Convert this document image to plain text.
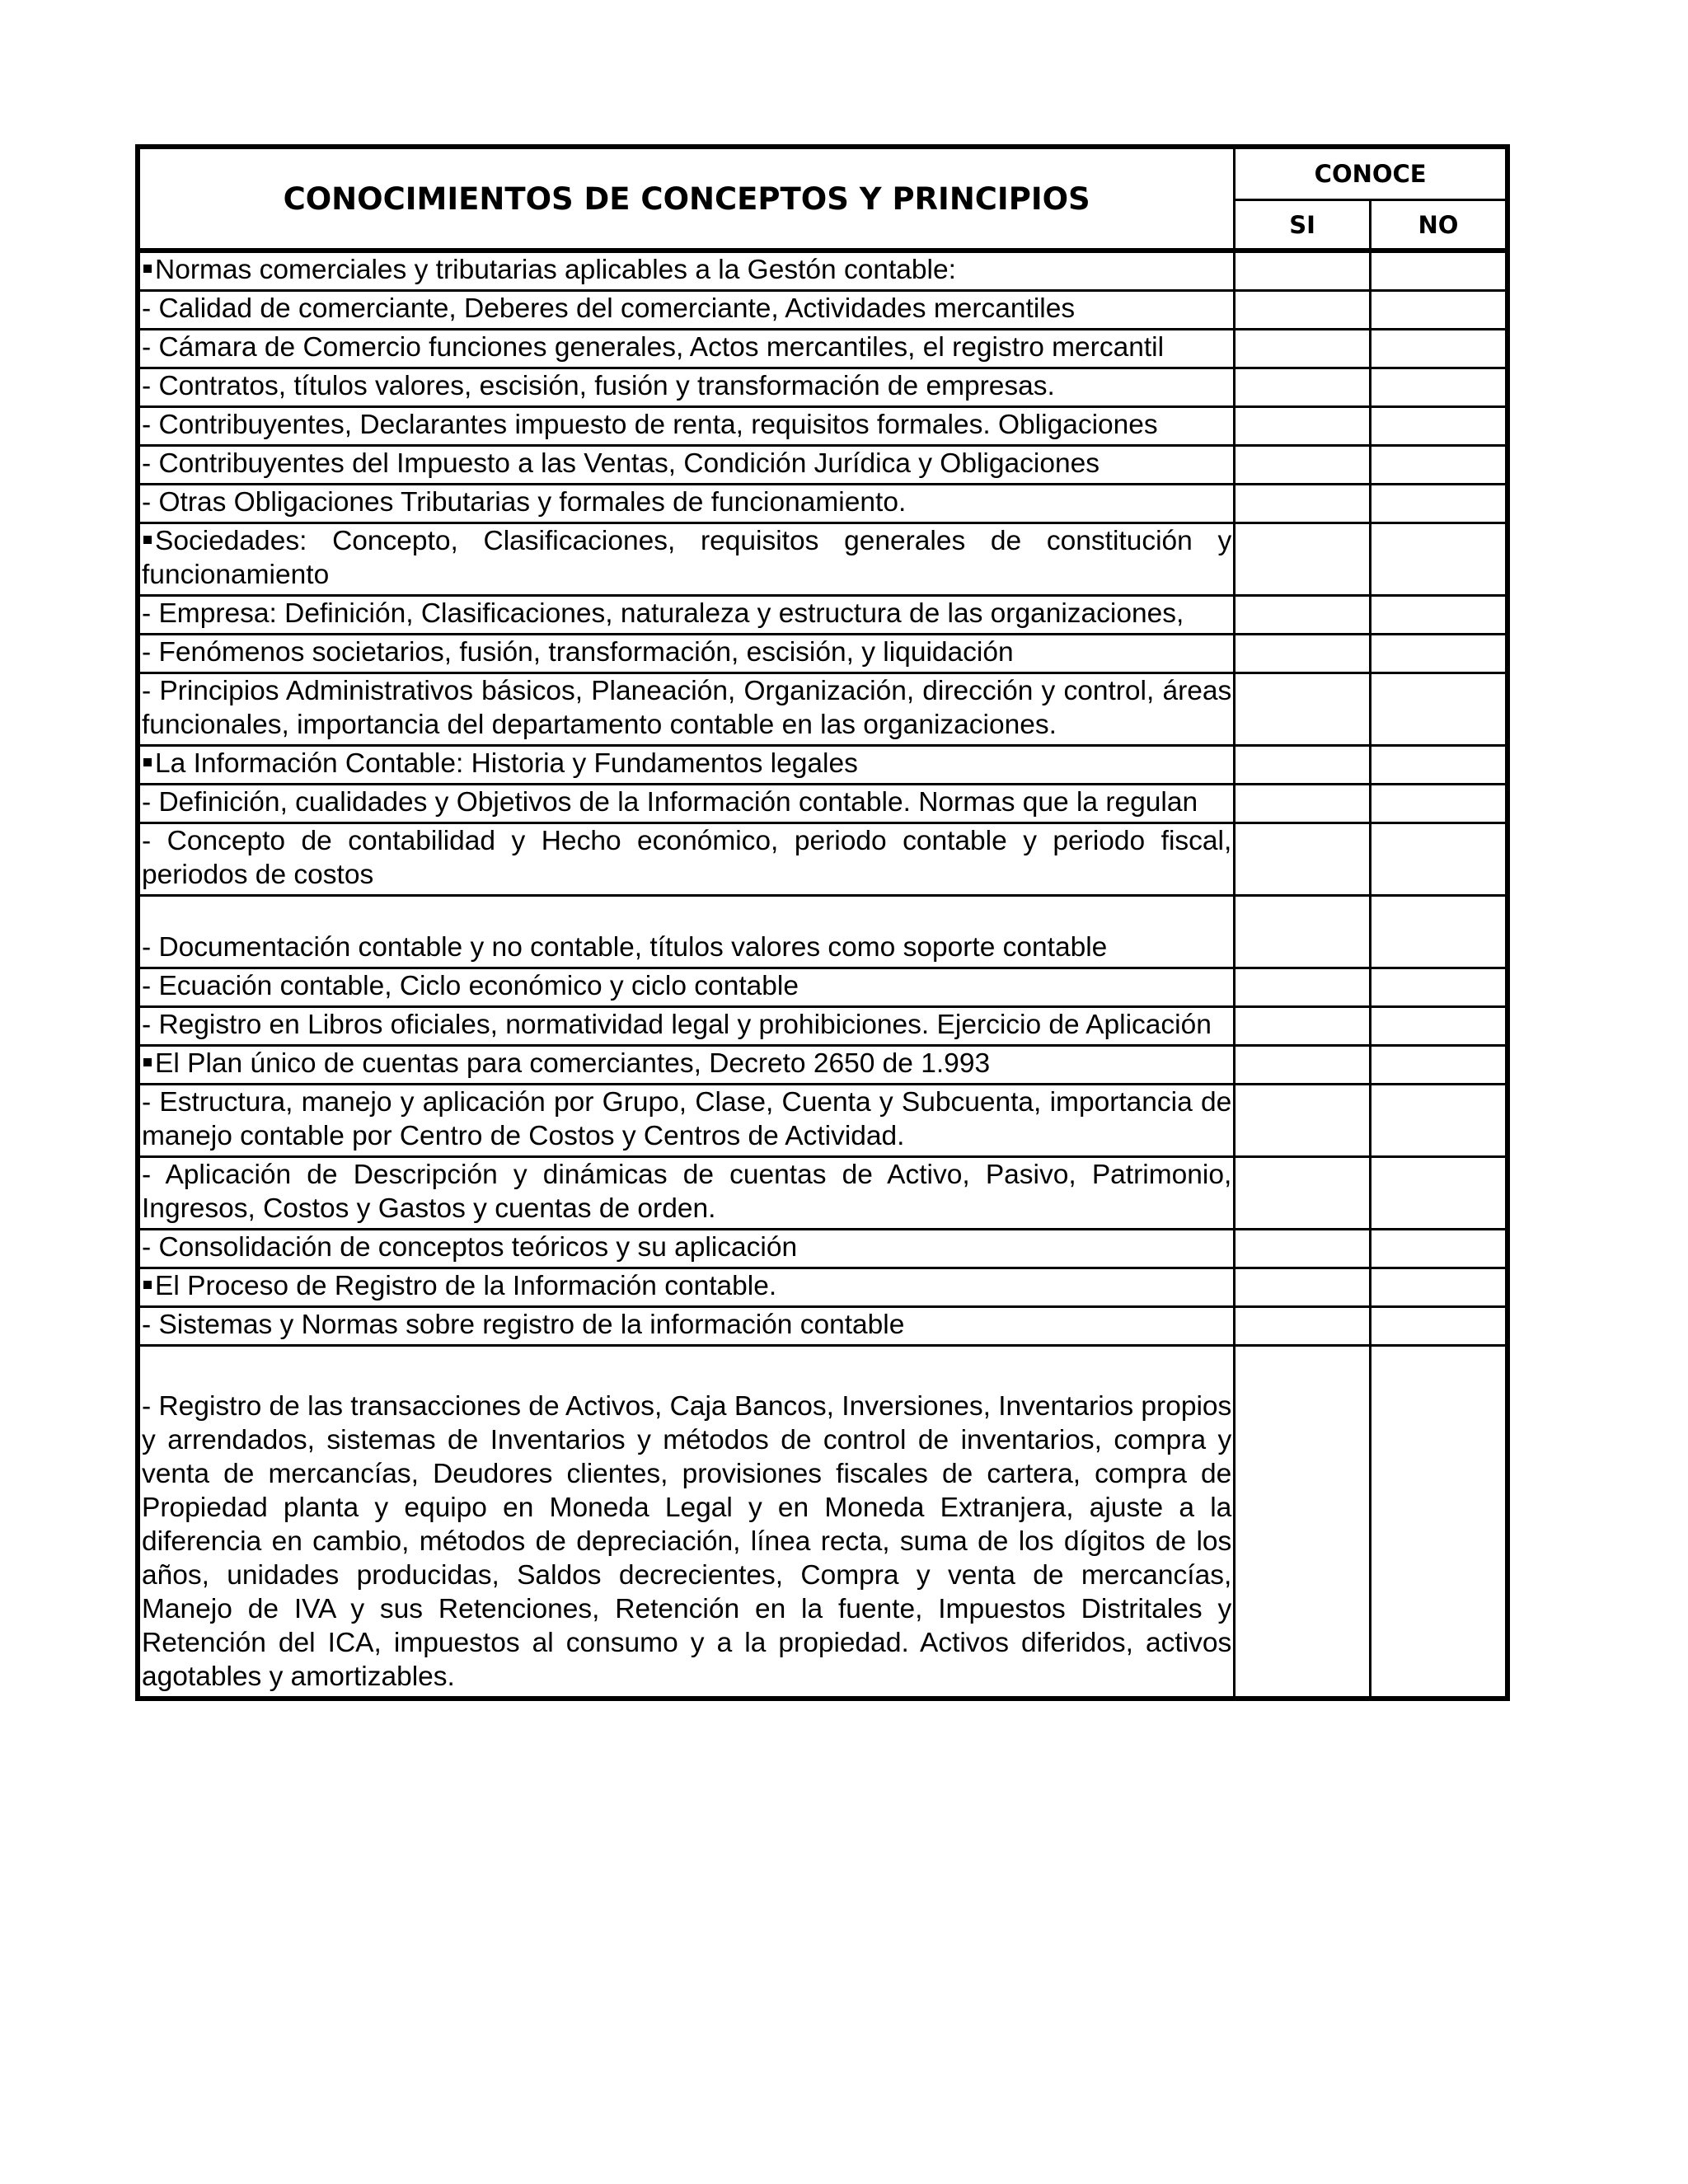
CONOCIMIENTOS DE CONCEPTOS Y PRINCIPIOS	CONOCE	
	SI	NO
Normas comerciales y tributarias aplicables a la Gestón contable:		
- Calidad de comerciante, Deberes del comerciante, Actividades mercantiles		
- Cámara de Comercio funciones generales, Actos mercantiles, el registro mercantil		
- Contratos, títulos valores, escisión, fusión y transformación de empresas.		
- Contribuyentes, Declarantes impuesto de renta, requisitos formales. Obligaciones		
- Contribuyentes del Impuesto a las Ventas, Condición Jurídica y Obligaciones		
- Otras Obligaciones Tributarias y formales de funcionamiento.		
Sociedades: Concepto, Clasificaciones, requisitos generales de constitución y funcionamiento		
- Empresa: Definición, Clasificaciones, naturaleza y estructura de las organizaciones,		
- Fenómenos societarios, fusión, transformación, escisión, y liquidación		
- Principios Administrativos básicos, Planeación, Organización, dirección y control, áreas funcionales, importancia del departamento contable en las organizaciones.		
La Información Contable: Historia y Fundamentos legales		
- Definición, cualidades y Objetivos de la Información contable. Normas que la regulan		
- Concepto de contabilidad y Hecho económico, periodo contable y periodo fiscal, periodos de costos		

- Documentación contable y no contable, títulos valores como soporte contable		
- Ecuación contable, Ciclo económico y ciclo contable		
- Registro en Libros oficiales, normatividad legal y prohibiciones. Ejercicio de Aplicación		
El Plan único de cuentas para comerciantes, Decreto 2650 de 1.993		
- Estructura, manejo y aplicación por Grupo, Clase, Cuenta y Subcuenta, importancia de manejo contable por Centro de Costos y Centros de Actividad.		
- Aplicación de Descripción y dinámicas de cuentas de Activo, Pasivo, Patrimonio, Ingresos, Costos y Gastos y cuentas de orden.		
- Consolidación de conceptos teóricos y su aplicación		
El Proceso de Registro de la Información contable.		
- Sistemas y Normas sobre registro de la información contable		

- Registro de las transacciones de Activos, Caja Bancos, Inversiones, Inventarios propios y arrendados, sistemas de Inventarios y métodos de control de inventarios, compra y venta de mercancías, Deudores clientes, provisiones fiscales de cartera, compra de Propiedad planta y equipo en Moneda Legal y en Moneda Extranjera, ajuste a la diferencia en cambio, métodos de depreciación, línea recta, suma de los dígitos de los años, unidades producidas, Saldos decrecientes, Compra y venta de mercancías, Manejo de IVA y sus Retenciones, Retención en la fuente, Impuestos Distritales y Retención del ICA, impuestos al consumo y a la propiedad. Activos diferidos, activos agotables y amortizables.		
